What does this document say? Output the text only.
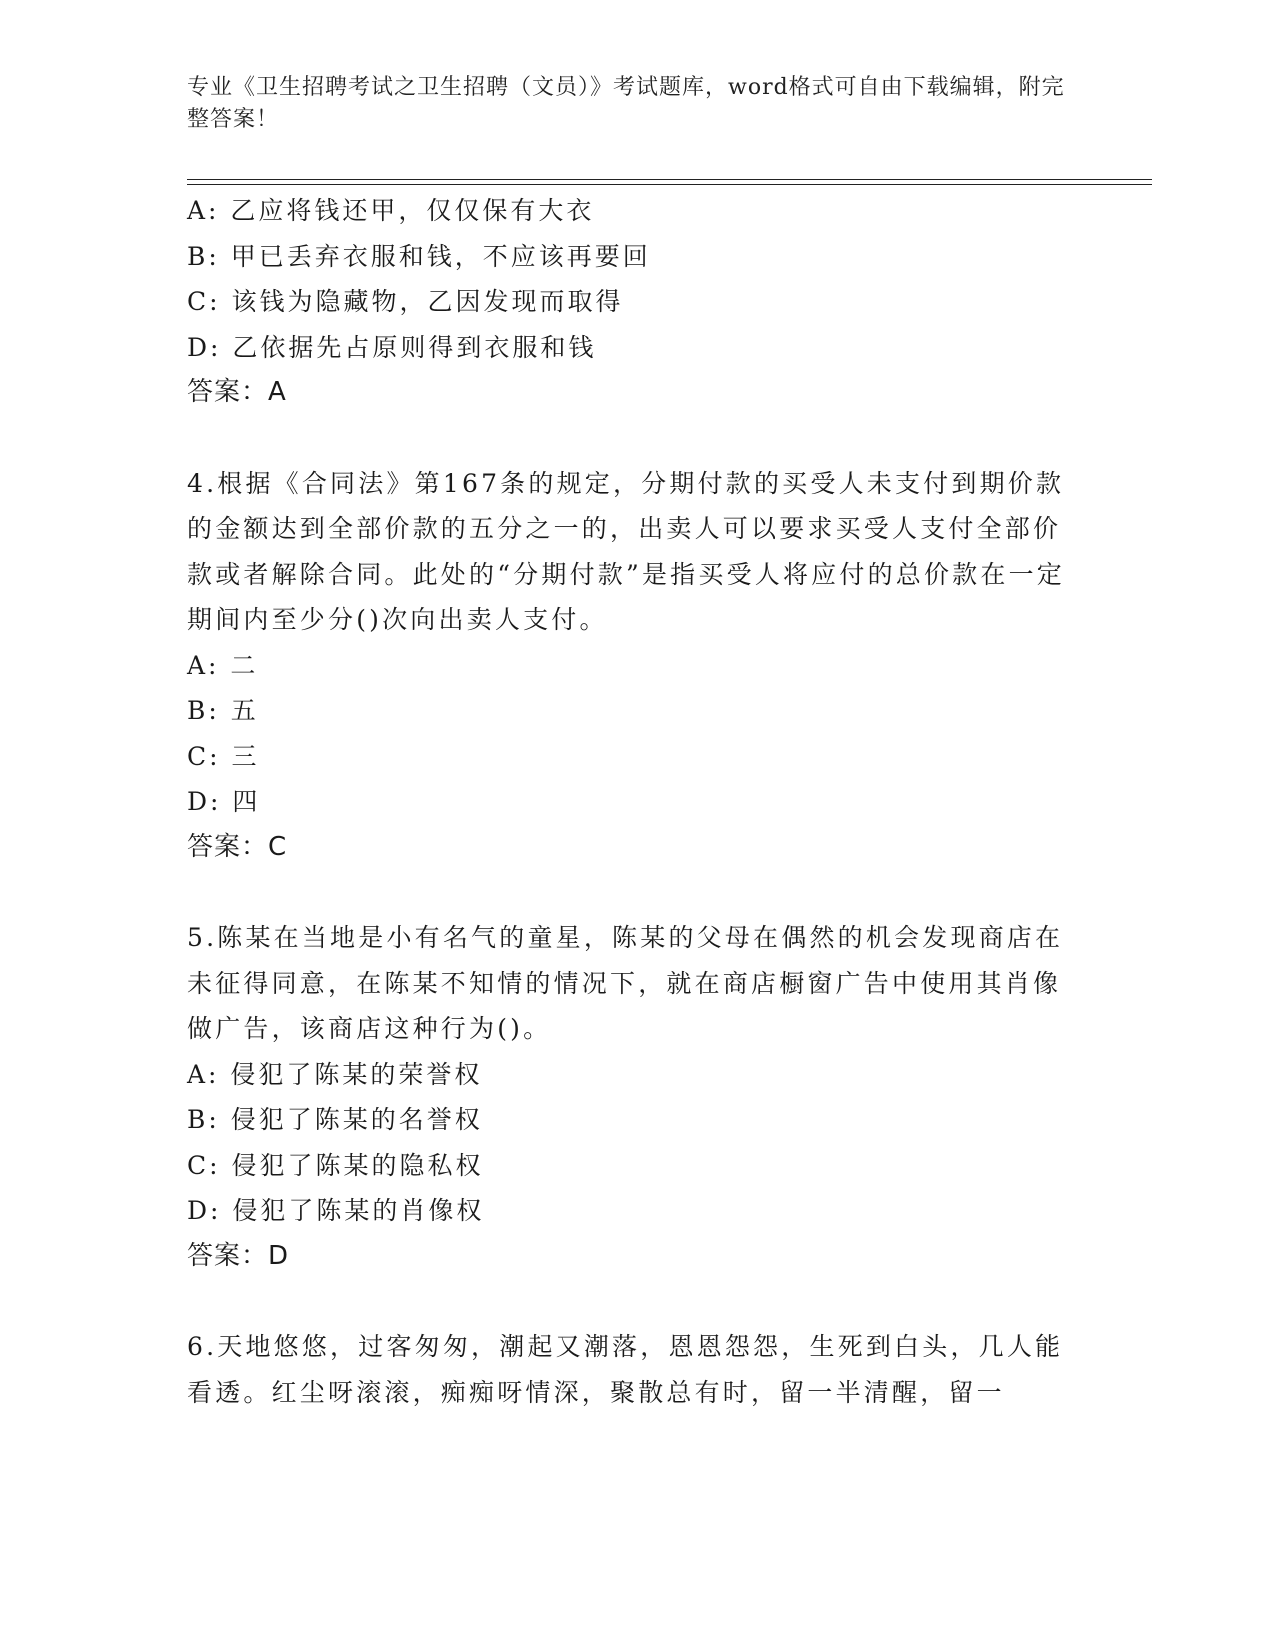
专业《卫生招聘考试之卫生招聘（文员）》考试题库，word格式可自由下载编辑，附完整答案！
A: 乙应将钱还甲，仅仅保有大衣
B: 甲已丢弃衣服和钱，不应该再要回
C: 该钱为隐藏物，乙因发现而取得
D: 乙依据先占原则得到衣服和钱
答案：A
4.根据《合同法》第167条的规定，分期付款的买受人未支付到期价款的金额达到全部价款的五分之一的，出卖人可以要求买受人支付全部价款或者解除合同。此处的“分期付款”是指买受人将应付的总价款在一定期间内至少分()次向出卖人支付。
A: 二
B: 五
C: 三
D: 四
答案：C
5.陈某在当地是小有名气的童星，陈某的父母在偶然的机会发现商店在未征得同意，在陈某不知情的情况下，就在商店橱窗广告中使用其肖像做广告，该商店这种行为()。
A: 侵犯了陈某的荣誉权
B: 侵犯了陈某的名誉权
C: 侵犯了陈某的隐私权
D: 侵犯了陈某的肖像权
答案：D
6.天地悠悠，过客匆匆，潮起又潮落，恩恩怨怨，生死到白头，几人能看透。红尘呀滚滚，痴痴呀情深，聚散总有时，留一半清醒，留一
